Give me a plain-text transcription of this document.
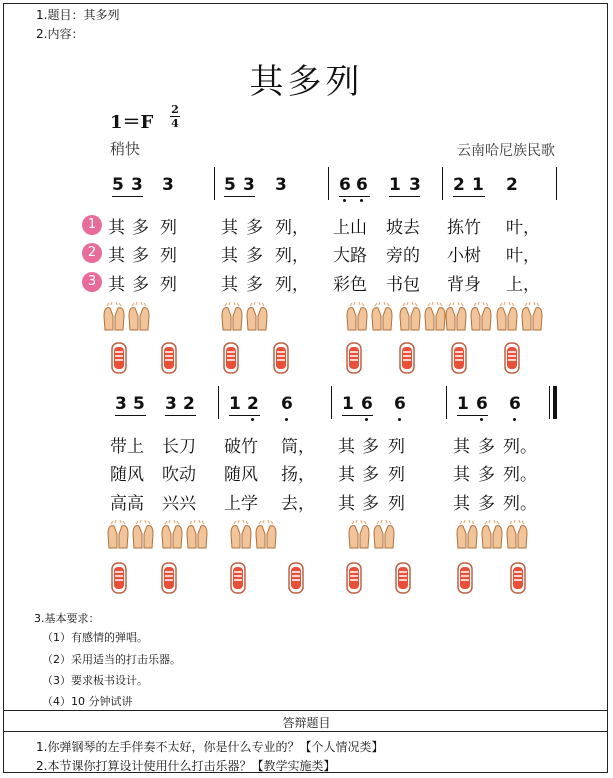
1.题目：其多列
2.内容：
其多列
1＝F
2
4
稍快	云南哈尼族民歌
5 3 3	5 3 3	6 6 1 3 2 1 2
1 其 多 列	其 多 列， 上山 坡去 拣竹 叶，
2 其 多 列	其 多 列， 大路 旁的 小树 叶，
3 其 多 列	其 多 列， 彩色 书包 背身 上，
3 5 3 2 1 2 6	1 6 6	1 6 6
带上 长刀 破竹 筒， 其 多 列	其 多 列。
随风 吹动 随风 扬， 其 多 列	其 多 列。
高高 兴兴 上学 去， 其 多 列	其 多 列。
3.基本要求：
（1）有感情的弹唱。
（2）采用适当的打击乐器。
（3）要求板书设计。
（4）10 分钟试讲
答辩题目
1.你弹钢琴的左手伴奏不太好，你是什么专业的？【个人情况类】
2.本节课你打算设计使用什么打击乐器？【教学实施类】
